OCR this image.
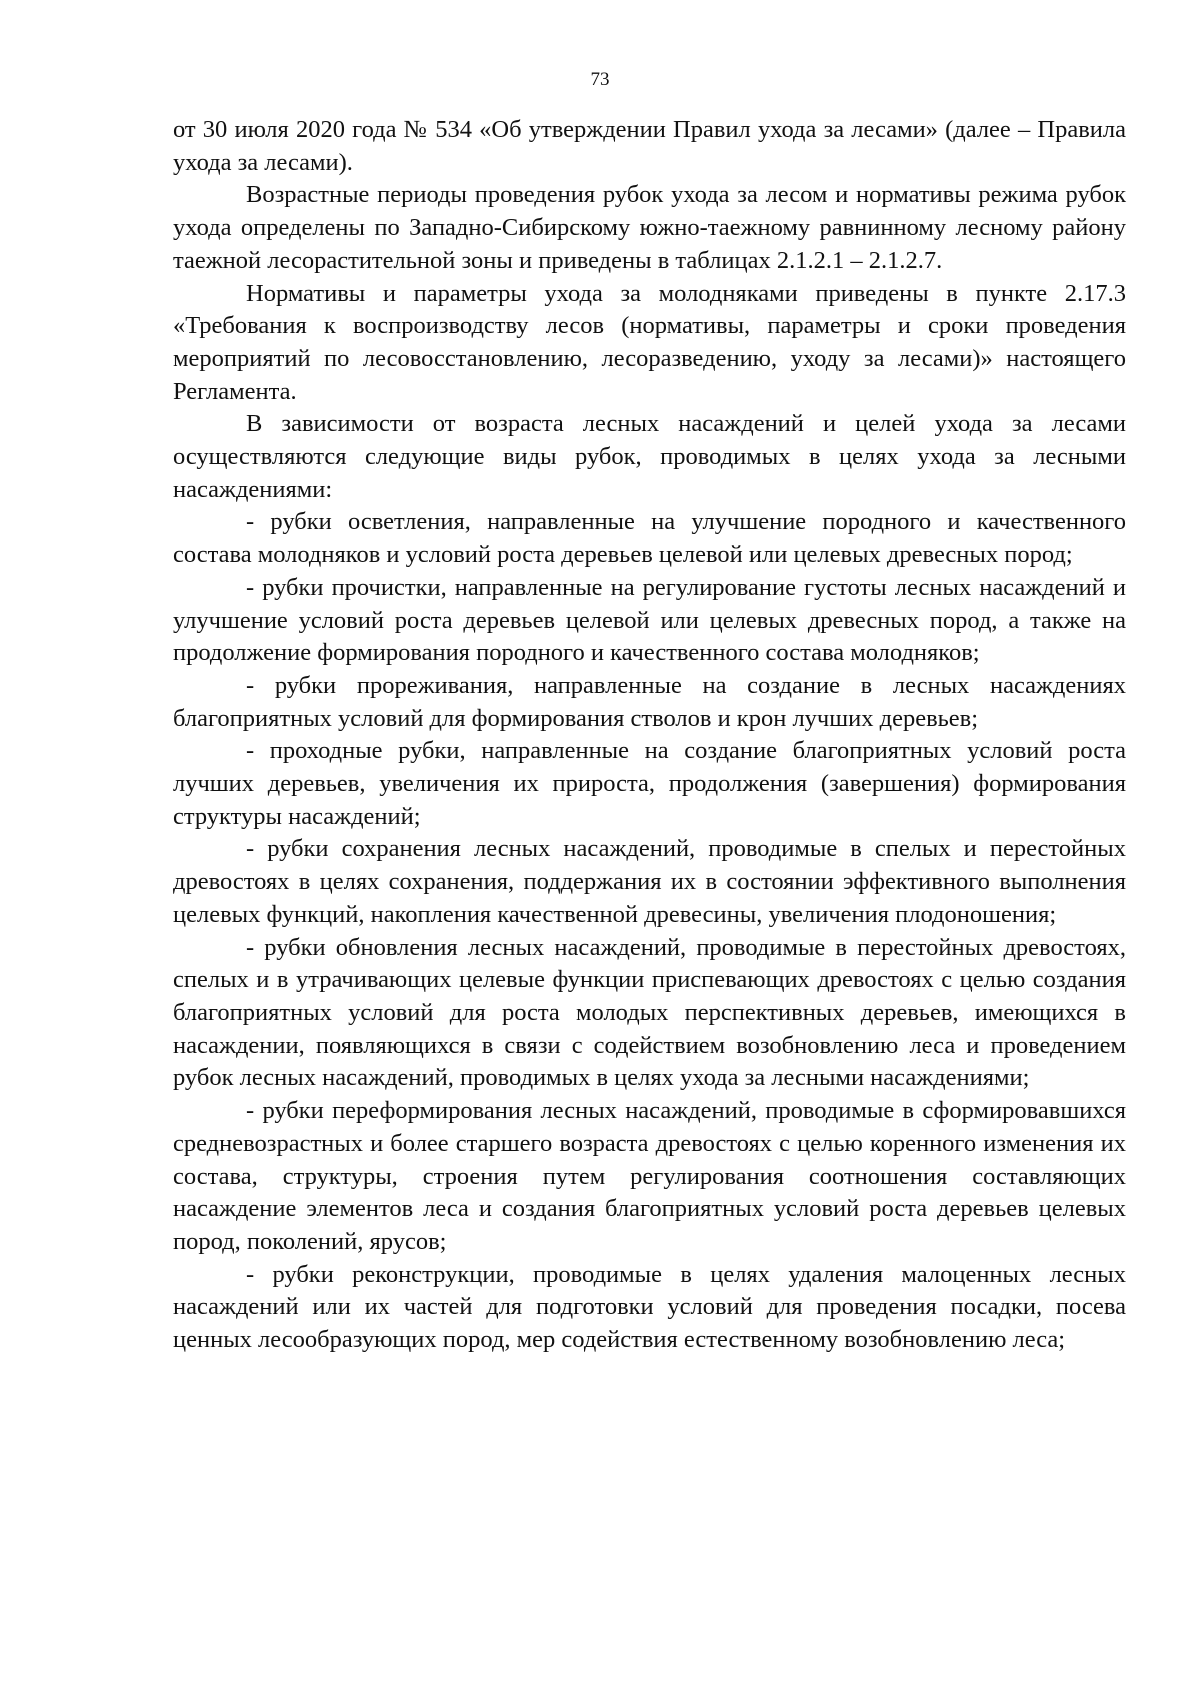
73

от 30 июля 2020 года № 534 «Об утверждении Правил ухода за лесами» (далее – Правила ухода за лесами).

Возрастные периоды проведения рубок ухода за лесом и нормативы режима рубок ухода определены по Западно-Сибирскому южно-таежному равнинному лесному району таежной лесорастительной зоны и приведены в таблицах 2.1.2.1 – 2.1.2.7.

Нормативы и параметры ухода за молодняками приведены в пункте 2.17.3 «Требования к воспроизводству лесов (нормативы, параметры и сроки проведения мероприятий по лесовосстановлению, лесоразведению, уходу за лесами)» настоящего Регламента.

В зависимости от возраста лесных насаждений и целей ухода за лесами осуществляются следующие виды рубок, проводимых в целях ухода за лесными насаждениями:

- рубки осветления, направленные на улучшение породного и качественного состава молодняков и условий роста деревьев целевой или целевых древесных пород;

- рубки прочистки, направленные на регулирование густоты лесных насаждений и улучшение условий роста деревьев целевой или целевых древесных пород, а также на продолжение формирования породного и качественного состава молодняков;

- рубки прореживания, направленные на создание в лесных насаждениях благоприятных условий для формирования стволов и крон лучших деревьев;

- проходные рубки, направленные на создание благоприятных условий роста лучших деревьев, увеличения их прироста, продолжения (завершения) формирования структуры насаждений;

- рубки сохранения лесных насаждений, проводимые в спелых и перестойных древостоях в целях сохранения, поддержания их в состоянии эффективного выполнения целевых функций, накопления качественной древесины, увеличения плодоношения;

- рубки обновления лесных насаждений, проводимые в перестойных древостоях, спелых и в утрачивающих целевые функции приспевающих древостоях с целью создания благоприятных условий для роста молодых перспективных деревьев, имеющихся в насаждении, появляющихся в связи с содействием возобновлению леса и проведением рубок лесных насаждений, проводимых в целях ухода за лесными насаждениями;

- рубки переформирования лесных насаждений, проводимые в сформировавшихся средневозрастных и более старшего возраста древостоях с целью коренного изменения их состава, структуры, строения путем регулирования соотношения составляющих насаждение элементов леса и создания благоприятных условий роста деревьев целевых пород, поколений, ярусов;

- рубки реконструкции, проводимые в целях удаления малоценных лесных насаждений или их частей для подготовки условий для проведения посадки, посева ценных лесообразующих пород, мер содействия естественному возобновлению леса;
